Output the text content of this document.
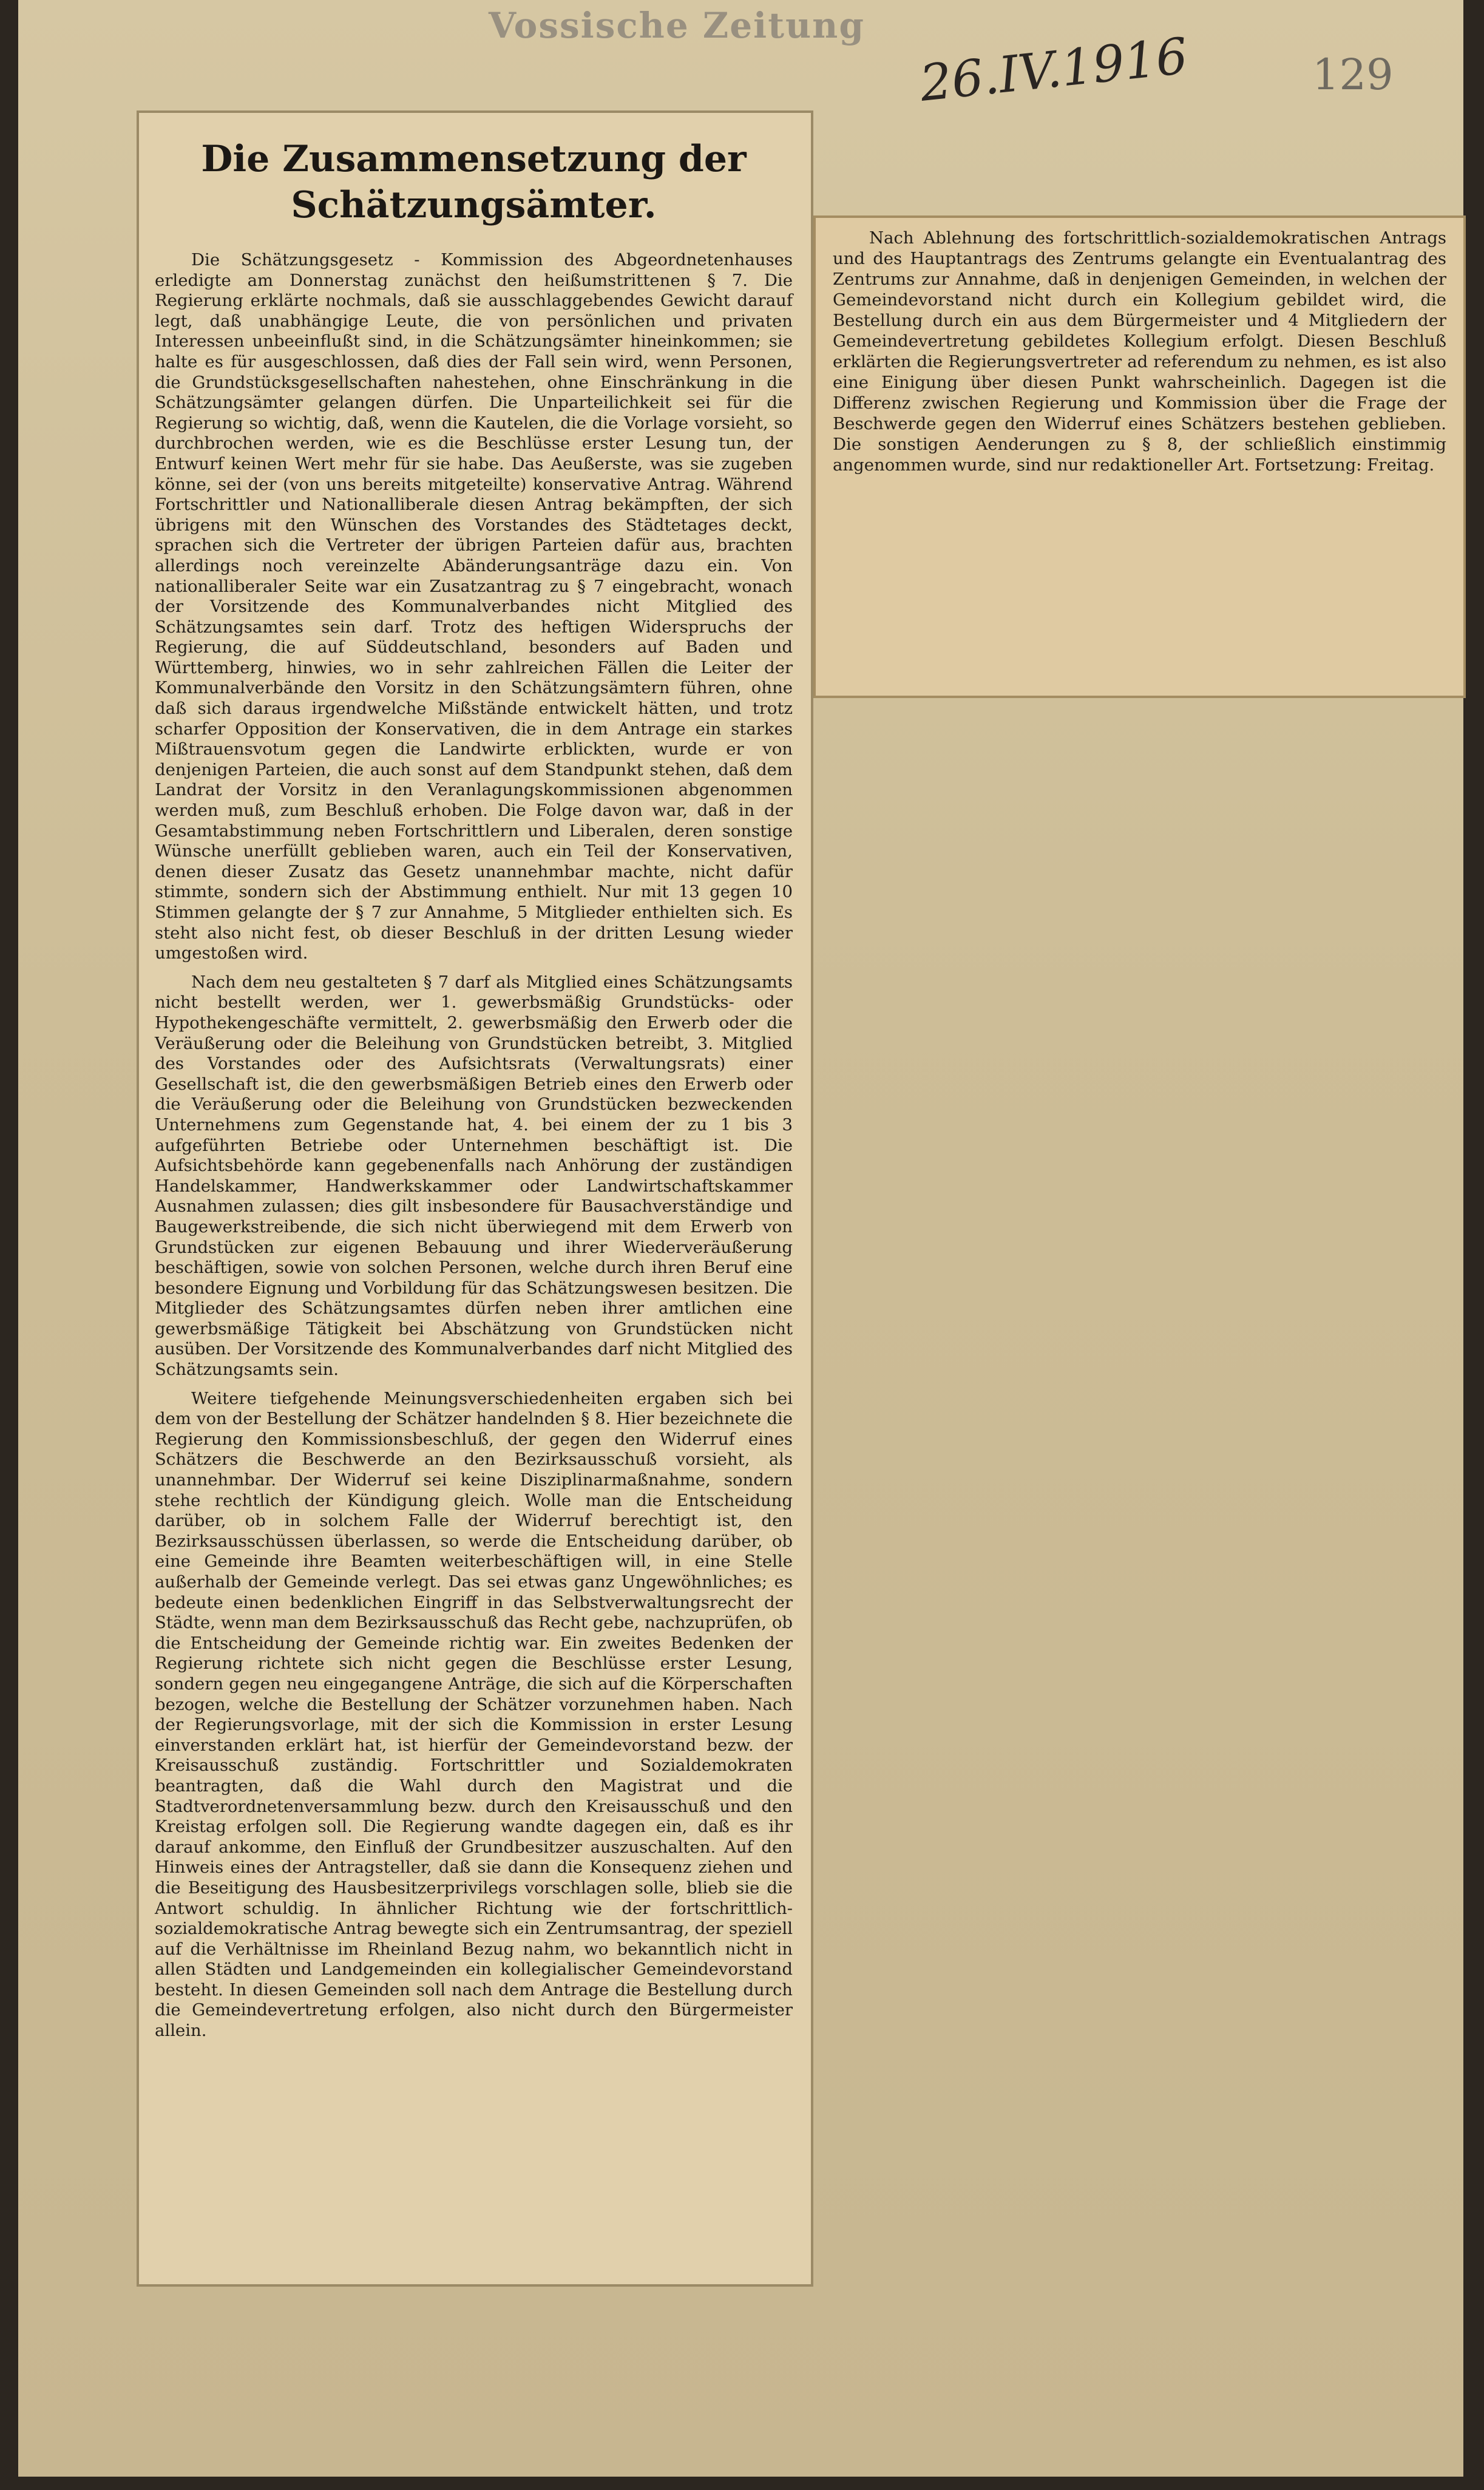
Vossische Zeitung
26.IV.1916	129
Die Zusammensetzung der Schätzungsämter.

Die Schätzungsgesetz - Kommission des Abgeordnetenhauses erledigte am Donnerstag zunächst den heißumstrittenen § 7. Die Regierung erklärte nochmals, daß sie ausschlaggebendes Gewicht darauf legt, daß unabhängige Leute, die von persönlichen und privaten Interessen unbeeinflußt sind, in die Schätzungsämter hineinkommen; sie halte es für ausgeschlossen, daß dies der Fall sein wird, wenn Personen, die Grundstücksgesellschaften nahestehen, ohne Einschränkung in die Schätzungsämter gelangen dürfen. Die Unparteilichkeit sei für die Regierung so wichtig, daß, wenn die Kautelen, die die Vorlage vorsieht, so durchbrochen werden, wie es die Beschlüsse erster Lesung tun, der Entwurf keinen Wert mehr für sie habe. Das Aeußerste, was sie zugeben könne, sei der (von uns bereits mitgeteilte) konservative Antrag. Während Fortschrittler und Nationalliberale diesen Antrag bekämpften, der sich übrigens mit den Wünschen des Vorstandes des Städtetages deckt, sprachen sich die Vertreter der übrigen Parteien dafür aus, brachten allerdings noch vereinzelte Abänderungsanträge dazu ein. Von nationalliberaler Seite war ein Zusatzantrag zu § 7 eingebracht, wonach der Vorsitzende des Kommunalverbandes nicht Mitglied des Schätzungsamtes sein darf. Trotz des heftigen Widerspruchs der Regierung, die auf Süddeutschland, besonders auf Baden und Württemberg, hinwies, wo in sehr zahlreichen Fällen die Leiter der Kommunalverbände den Vorsitz in den Schätzungsämtern führen, ohne daß sich daraus irgendwelche Mißstände entwickelt hätten, und trotz scharfer Opposition der Konservativen, die in dem Antrage ein starkes Mißtrauensvotum gegen die Landwirte erblickten, wurde er von denjenigen Parteien, die auch sonst auf dem Standpunkt stehen, daß dem Landrat der Vorsitz in den Veranlagungskommissionen abgenommen werden muß, zum Beschluß erhoben. Die Folge davon war, daß in der Gesamtabstimmung neben Fortschrittlern und Liberalen, deren sonstige Wünsche unerfüllt geblieben waren, auch ein Teil der Konservativen, denen dieser Zusatz das Gesetz unannehmbar machte, nicht dafür stimmte, sondern sich der Abstimmung enthielt. Nur mit 13 gegen 10 Stimmen gelangte der § 7 zur Annahme, 5 Mitglieder enthielten sich. Es steht also nicht fest, ob dieser Beschluß in der dritten Lesung wieder umgestoßen wird.

Nach dem neu gestalteten § 7 darf als Mitglied eines Schätzungsamts nicht bestellt werden, wer 1. gewerbsmäßig Grundstücks- oder Hypothekengeschäfte vermittelt, 2. gewerbsmäßig den Erwerb oder die Veräußerung oder die Beleihung von Grundstücken betreibt, 3. Mitglied des Vorstandes oder des Aufsichtsrats (Verwaltungsrats) einer Gesellschaft ist, die den gewerbsmäßigen Betrieb eines den Erwerb oder die Veräußerung oder die Beleihung von Grundstücken bezweckenden Unternehmens zum Gegenstande hat, 4. bei einem der zu 1 bis 3 aufgeführten Betriebe oder Unternehmen beschäftigt ist. Die Aufsichtsbehörde kann gegebenenfalls nach Anhörung der zuständigen Handelskammer, Handwerkskammer oder Landwirtschaftskammer Ausnahmen zulassen; dies gilt insbesondere für Bausachverständige und Baugewerkstreibende, die sich nicht überwiegend mit dem Erwerb von Grundstücken zur eigenen Bebauung und ihrer Wiederveräußerung beschäftigen, sowie von solchen Personen, welche durch ihren Beruf eine besondere Eignung und Vorbildung für das Schätzungswesen besitzen. Die Mitglieder des Schätzungsamtes dürfen neben ihrer amtlichen eine gewerbsmäßige Tätigkeit bei Abschätzung von Grundstücken nicht ausüben. Der Vorsitzende des Kommunalverbandes darf nicht Mitglied des Schätzungsamts sein.

Weitere tiefgehende Meinungsverschiedenheiten ergaben sich bei dem von der Bestellung der Schätzer handelnden § 8. Hier bezeichnete die Regierung den Kommissionsbeschluß, der gegen den Widerruf eines Schätzers die Beschwerde an den Bezirksausschuß vorsieht, als unannehmbar. Der Widerruf sei keine Disziplinarmaßnahme, sondern stehe rechtlich der Kündigung gleich. Wolle man die Entscheidung darüber, ob in solchem Falle der Widerruf berechtigt ist, den Bezirksausschüssen überlassen, so werde die Entscheidung darüber, ob eine Gemeinde ihre Beamten weiterbeschäftigen will, in eine Stelle außerhalb der Gemeinde verlegt. Das sei etwas ganz Ungewöhnliches; es bedeute einen bedenklichen Eingriff in das Selbstverwaltungsrecht der Städte, wenn man dem Bezirksausschuß das Recht gebe, nachzuprüfen, ob die Entscheidung der Gemeinde richtig war. Ein zweites Bedenken der Regierung richtete sich nicht gegen die Beschlüsse erster Lesung, sondern gegen neu eingegangene Anträge, die sich auf die Körperschaften bezogen, welche die Bestellung der Schätzer vorzunehmen haben. Nach der Regierungsvorlage, mit der sich die Kommission in erster Lesung einverstanden erklärt hat, ist hierfür der Gemeindevorstand bezw. der Kreisausschuß zuständig. Fortschrittler und Sozialdemokraten beantragten, daß die Wahl durch den Magistrat und die Stadtverordnetenversammlung bezw. durch den Kreisausschuß und den Kreistag erfolgen soll. Die Regierung wandte dagegen ein, daß es ihr darauf ankomme, den Einfluß der Grundbesitzer auszuschalten. Auf den Hinweis eines der Antragsteller, daß sie dann die Konsequenz ziehen und die Beseitigung des Hausbesitzerprivilegs vorschlagen solle, blieb sie die Antwort schuldig. In ähnlicher Richtung wie der fortschrittlich-sozialdemokratische Antrag bewegte sich ein Zentrumsantrag, der speziell auf die Verhältnisse im Rheinland Bezug nahm, wo bekanntlich nicht in allen Städten und Landgemeinden ein kollegialischer Gemeindevorstand besteht. In diesen Gemeinden soll nach dem Antrage die Bestellung durch die Gemeindevertretung erfolgen, also nicht durch den Bürgermeister allein.

Nach Ablehnung des fortschrittlich-sozialdemokratischen Antrags und des Hauptantrags des Zentrums gelangte ein Eventualantrag des Zentrums zur Annahme, daß in denjenigen Gemeinden, in welchen der Gemeindevorstand nicht durch ein Kollegium gebildet wird, die Bestellung durch ein aus dem Bürgermeister und 4 Mitgliedern der Gemeindevertretung gebildetes Kollegium erfolgt. Diesen Beschluß erklärten die Regierungsvertreter ad referendum zu nehmen, es ist also eine Einigung über diesen Punkt wahrscheinlich. Dagegen ist die Differenz zwischen Regierung und Kommission über die Frage der Beschwerde gegen den Widerruf eines Schätzers bestehen geblieben. Die sonstigen Aenderungen zu § 8, der schließlich einstimmig angenommen wurde, sind nur redaktioneller Art. Fortsetzung: Freitag.
